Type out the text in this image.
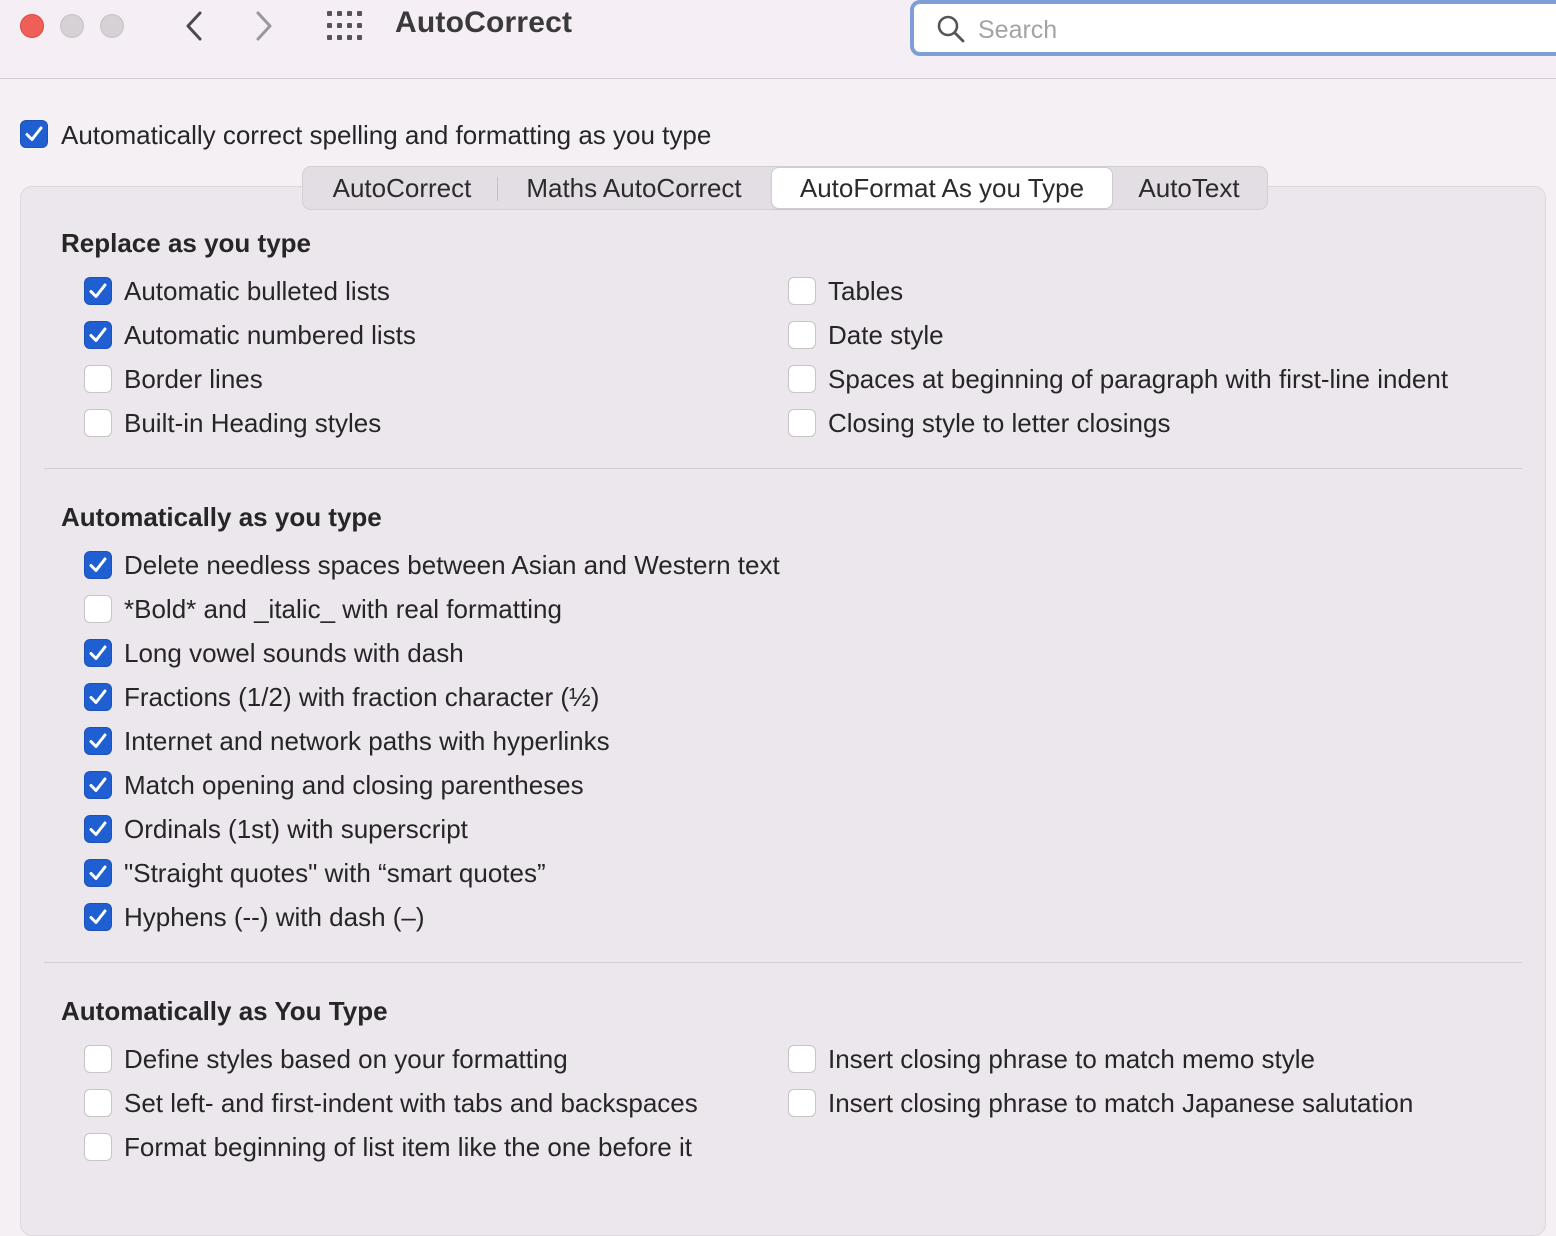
AutoCorrect
Search
Automatically correct spelling and formatting as you type
AutoCorrect	Maths AutoCorrect	AutoFormat As you Type	AutoText
Replace as you type
Automatic bulleted lists
Automatic numbered lists
Border lines
Built-in Heading styles
Tables
Date style
Spaces at beginning of paragraph with first-line indent
Closing style to letter closings
Automatically as you type
Delete needless spaces between Asian and Western text
*Bold* and _italic_ with real formatting
Long vowel sounds with dash
Fractions (1/2) with fraction character (½)
Internet and network paths with hyperlinks
Match opening and closing parentheses
Ordinals (1st) with superscript
"Straight quotes" with “smart quotes”
Hyphens (--) with dash (–)
Automatically as You Type
Define styles based on your formatting
Set left- and first-indent with tabs and backspaces
Format beginning of list item like the one before it
Insert closing phrase to match memo style
Insert closing phrase to match Japanese salutation
